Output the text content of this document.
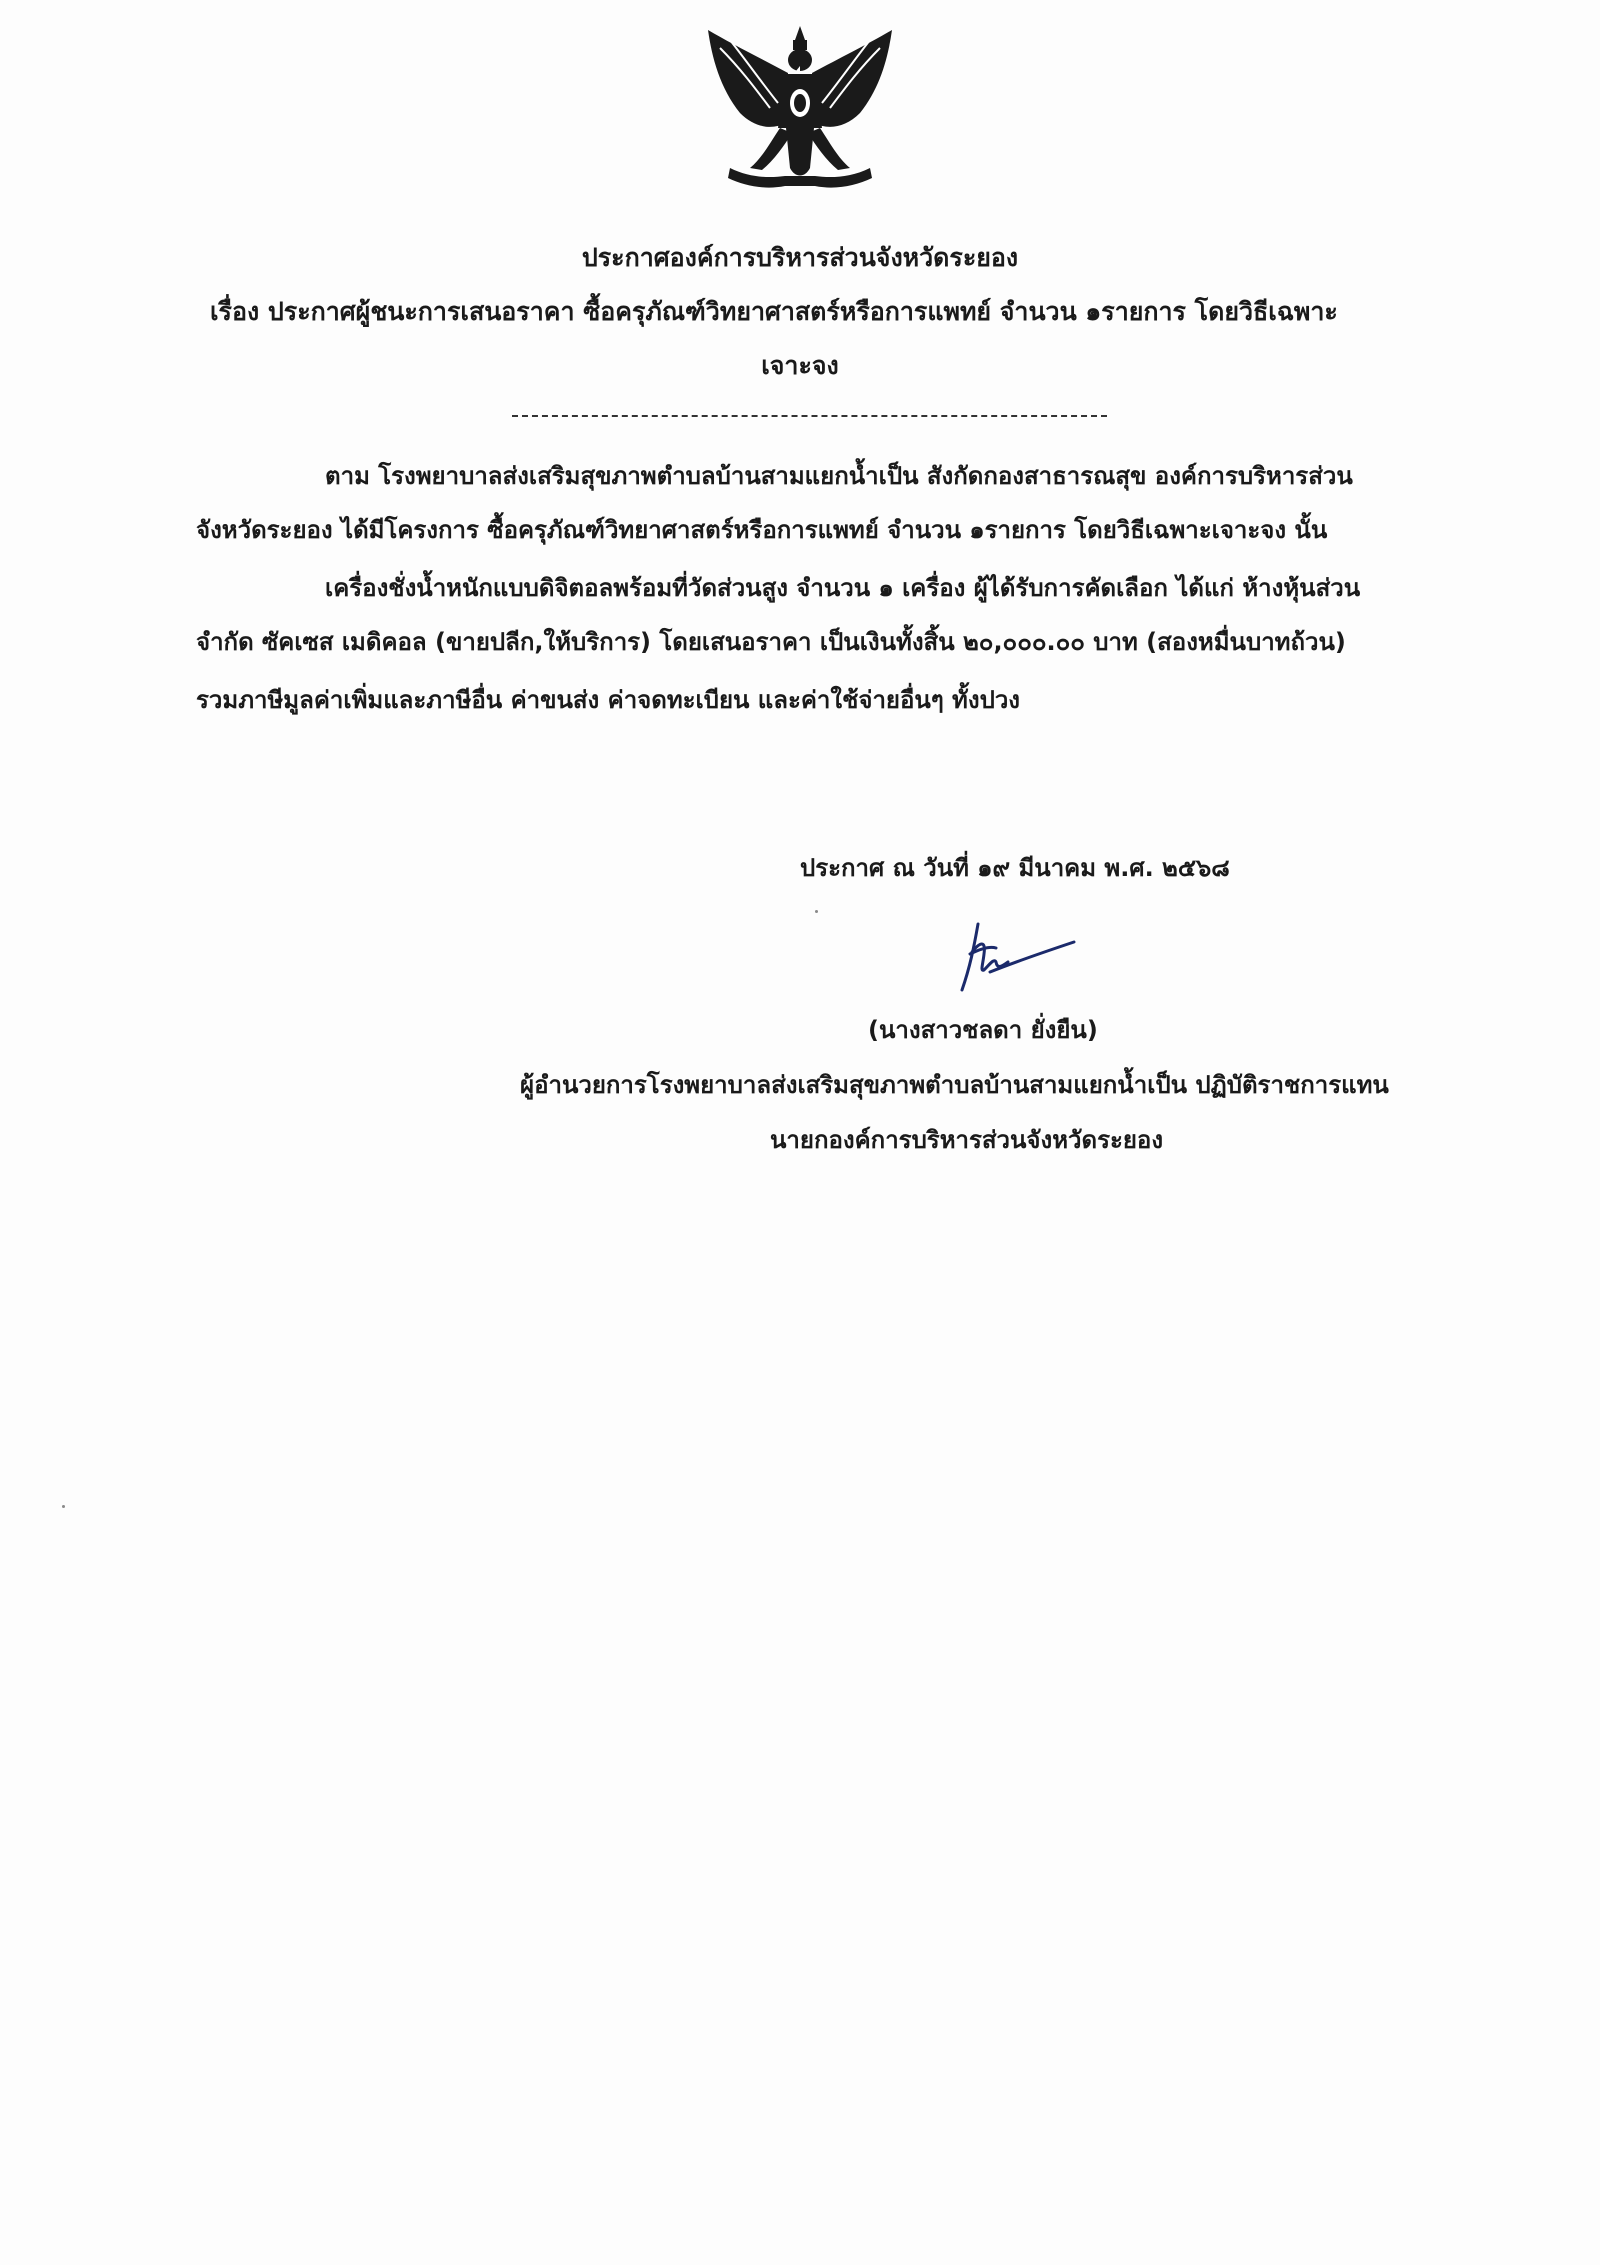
ประกาศองค์การบริหารส่วนจังหวัดระยอง
เรื่อง ประกาศผู้ชนะการเสนอราคา ซื้อครุภัณฑ์วิทยาศาสตร์หรือการแพทย์ จำนวน ๑รายการ โดยวิธีเฉพาะ
เจาะจง
ตาม โรงพยาบาลส่งเสริมสุขภาพตำบลบ้านสามแยกน้ำเป็น สังกัดกองสาธารณสุข องค์การบริหารส่วน
จังหวัดระยอง ได้มีโครงการ ซื้อครุภัณฑ์วิทยาศาสตร์หรือการแพทย์ จำนวน ๑รายการ โดยวิธีเฉพาะเจาะจง นั้น
เครื่องชั่งน้ำหนักแบบดิจิตอลพร้อมที่วัดส่วนสูง จำนวน ๑ เครื่อง ผู้ได้รับการคัดเลือก ได้แก่ ห้างหุ้นส่วน
จำกัด ซัคเซส เมดิคอล (ขายปลีก,ให้บริการ) โดยเสนอราคา เป็นเงินทั้งสิ้น ๒๐,๐๐๐.๐๐ บาท (สองหมื่นบาทถ้วน)
รวมภาษีมูลค่าเพิ่มและภาษีอื่น ค่าขนส่ง ค่าจดทะเบียน และค่าใช้จ่ายอื่นๆ ทั้งปวง
ประกาศ ณ วันที่ ๑๙ มีนาคม พ.ศ. ๒๕๖๘
(นางสาวชลดา ยั่งยืน)
ผู้อำนวยการโรงพยาบาลส่งเสริมสุขภาพตำบลบ้านสามแยกน้ำเป็น ปฏิบัติราชการแทน
นายกองค์การบริหารส่วนจังหวัดระยอง
